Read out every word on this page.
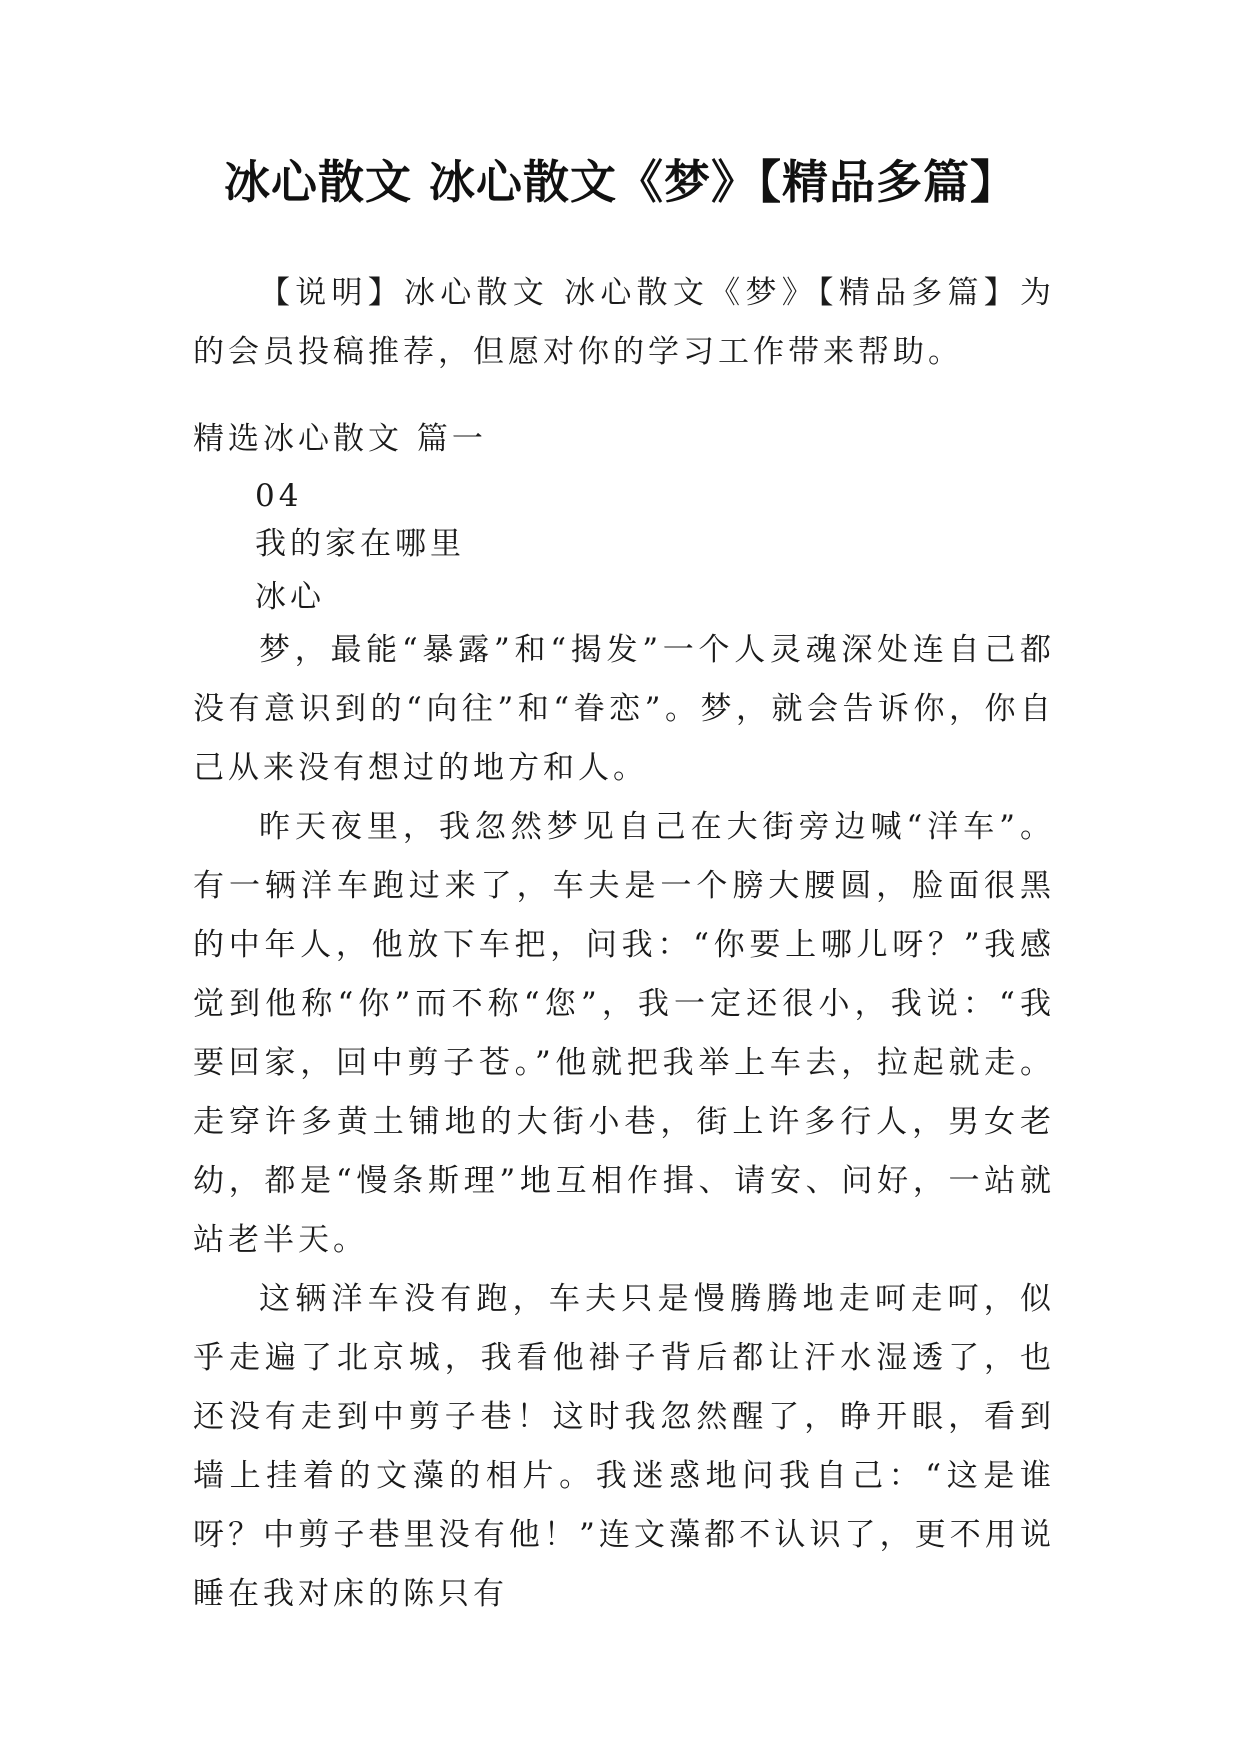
冰心散文 冰心散文《梦》【精品多篇】

【说明】冰心散文 冰心散文《梦》【精品多篇】为的会员投稿推荐，但愿对你的学习工作带来帮助。

精选冰心散文 篇一
04
我的家在哪里
冰心

梦，最能“暴露”和“揭发”一个人灵魂深处连自己都没有意识到的“向往”和“眷恋”。梦，就会告诉你，你自己从来没有想过的地方和人。

昨天夜里，我忽然梦见自己在大街旁边喊“洋车”。有一辆洋车跑过来了，车夫是一个膀大腰圆，脸面很黑的中年人，他放下车把，问我：“你要上哪儿呀？”我感觉到他称“你”而不称“您”，我一定还很小，我说：“我要回家，回中剪子苍。”他就把我举上车去，拉起就走。走穿许多黄土铺地的大街小巷，街上许多行人，男女老幼，都是“慢条斯理”地互相作揖、请安、问好，一站就站老半天。

这辆洋车没有跑，车夫只是慢腾腾地走呵走呵，似乎走遍了北京城，我看他褂子背后都让汗水湿透了，也还没有走到中剪子巷！这时我忽然醒了，睁开眼，看到墙上挂着的文藻的相片。我迷惑地问我自己：“这是谁呀？中剪子巷里没有他！”连文藻都不认识了，更不用说睡在我对床的陈只有
